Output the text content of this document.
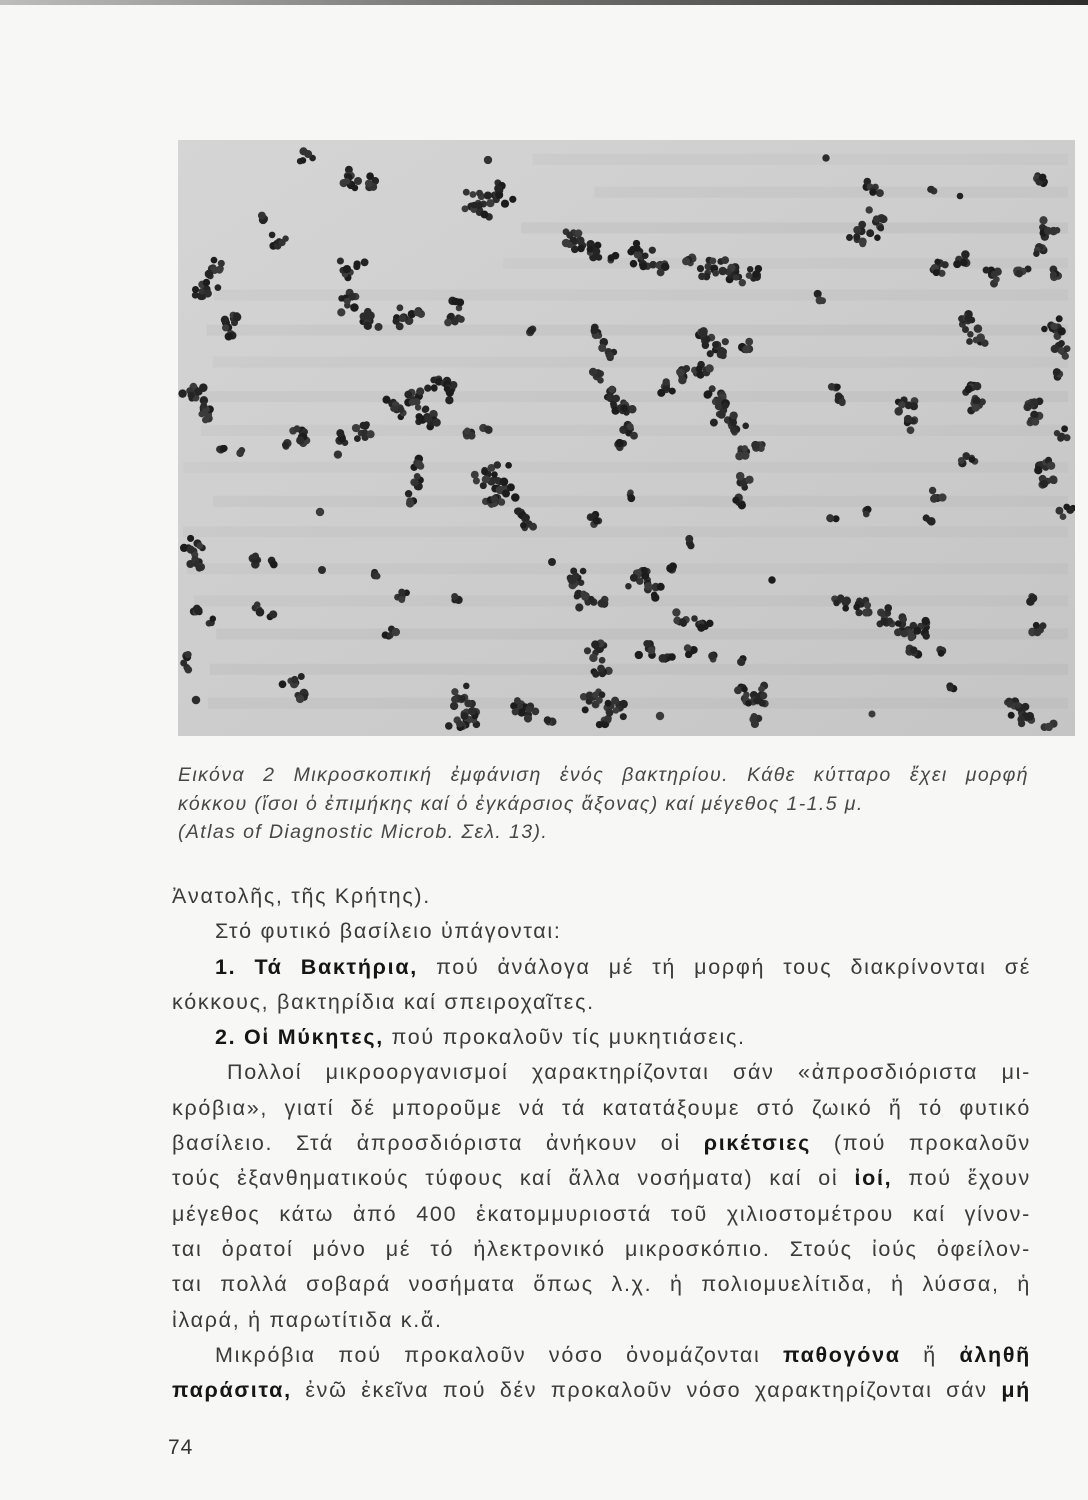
Εικόνα 2 Μικροσκοπική ἐμφάνιση ἑνός βακτηρίου. Κάθε κύτταρο ἔχει μορφή
κόκκου (ἴσοι ὁ ἐπιμήκης καί ὁ ἐγκάρσιος ἄξονας) καί μέγεθος 1-1.5 μ.
(Atlas of Diagnostic Microb. Σελ. 13).
Ἀνατολῆς, τῆς Κρήτης).
Στό φυτικό βασίλειο ὑπάγονται:
1. Τά Βακτήρια, πού ἀνάλογα μέ τή μορφή τους διακρίνονται σέ
κόκκους, βακτηρίδια καί σπειροχαῖτες.
2. Οἱ Μύκητες, πού προκαλοῦν τίς μυκητιάσεις.
Πολλοί μικροοργανισμοί χαρακτηρίζονται σάν «ἀπροσδιόριστα μι-
κρόβια», γιατί δέ μποροῦμε νά τά κατατάξουμε στό ζωικό ἤ τό φυτικό
βασίλειο. Στά ἀπροσδιόριστα ἀνήκουν οἱ ρικέτσιες (πού προκαλοῦν
τούς ἐξανθηματικούς τύφους καί ἄλλα νοσήματα) καί οἱ ἰοί, πού ἔχουν
μέγεθος κάτω ἀπό 400 ἑκατομμυριοστά τοῦ χιλιοστομέτρου καί γίνον-
ται ὁρατοί μόνο μέ τό ἠλεκτρονικό μικροσκόπιο. Στούς ἰούς ὀφείλον-
ται πολλά σοβαρά νοσήματα ὅπως λ.χ. ἡ πολιομυελίτιδα, ἡ λύσσα, ἡ
ἰλαρά, ἡ παρωτίτιδα κ.ἄ.
Μικρόβια πού προκαλοῦν νόσο ὀνομάζονται παθογόνα ἤ ἀληθῆ
παράσιτα, ἐνῶ ἐκεῖνα πού δέν προκαλοῦν νόσο χαρακτηρίζονται σάν μή
74
